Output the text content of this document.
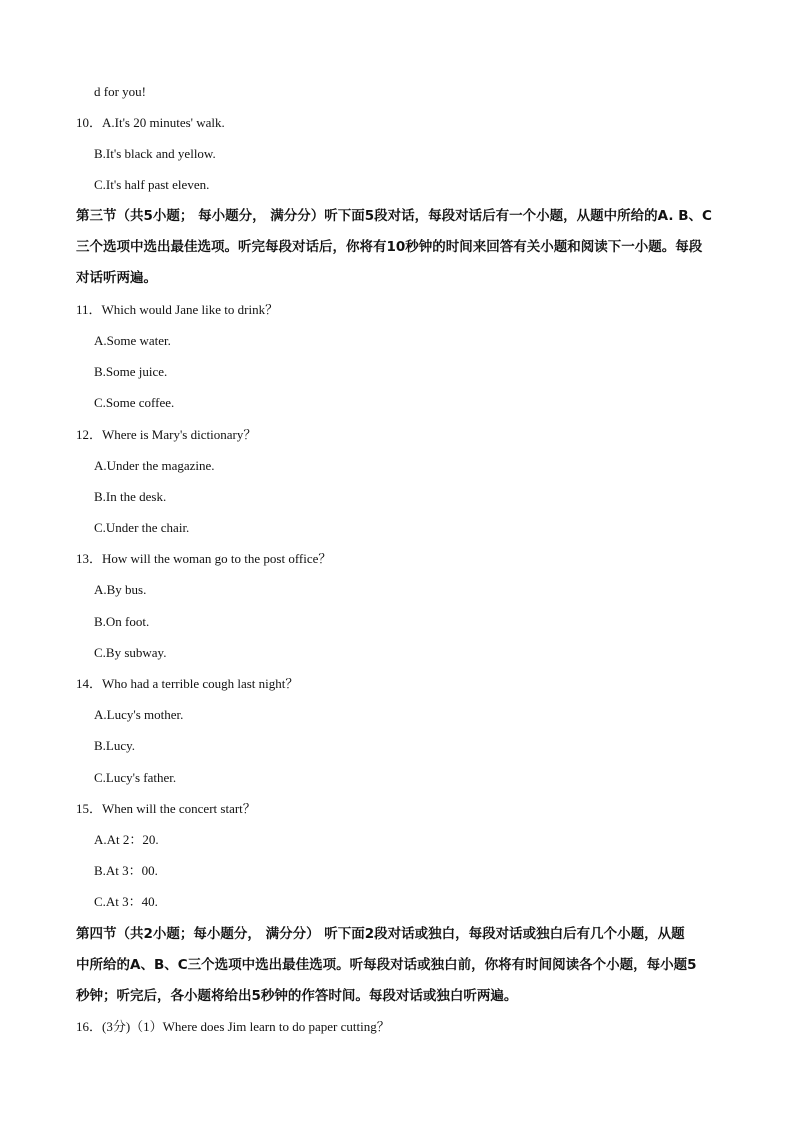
d for you!
10．A.It's 20 minutes' walk.
B.It's black and yellow.
C.It's half past eleven.
第三节（共5小题； 每小题分， 满分分）听下面5段对话，每段对话后有一个小题，从题中所给的A. B、C
三个选项中选出最佳选项。听完每段对话后，你将有10秒钟的时间来回答有关小题和阅读下一小题。每段
对话听两遍。
11．Which would Jane like to drink？
A.Some water.
B.Some juice.
C.Some coffee.
12．Where is Mary's dictionary？
A.Under the magazine.
B.In the desk.
C.Under the chair.
13．How will the woman go to the post office？
A.By bus.
B.On foot.
C.By subway.
14．Who had a terrible cough last night？
A.Lucy's mother.
B.Lucy.
C.Lucy's father.
15．When will the concert start？
A.At 2：20.
B.At 3：00.
C.At 3：40.
第四节（共2小题；每小题分， 满分分） 听下面2段对话或独白，每段对话或独白后有几个小题，从题
中所给的A、B、C三个选项中选出最佳选项。听每段对话或独白前，你将有时间阅读各个小题，每小题5
秒钟；听完后，各小题将给出5秒钟的作答时间。每段对话或独白听两遍。
16．(3分)（1）Where does Jim learn to do paper cutting？
